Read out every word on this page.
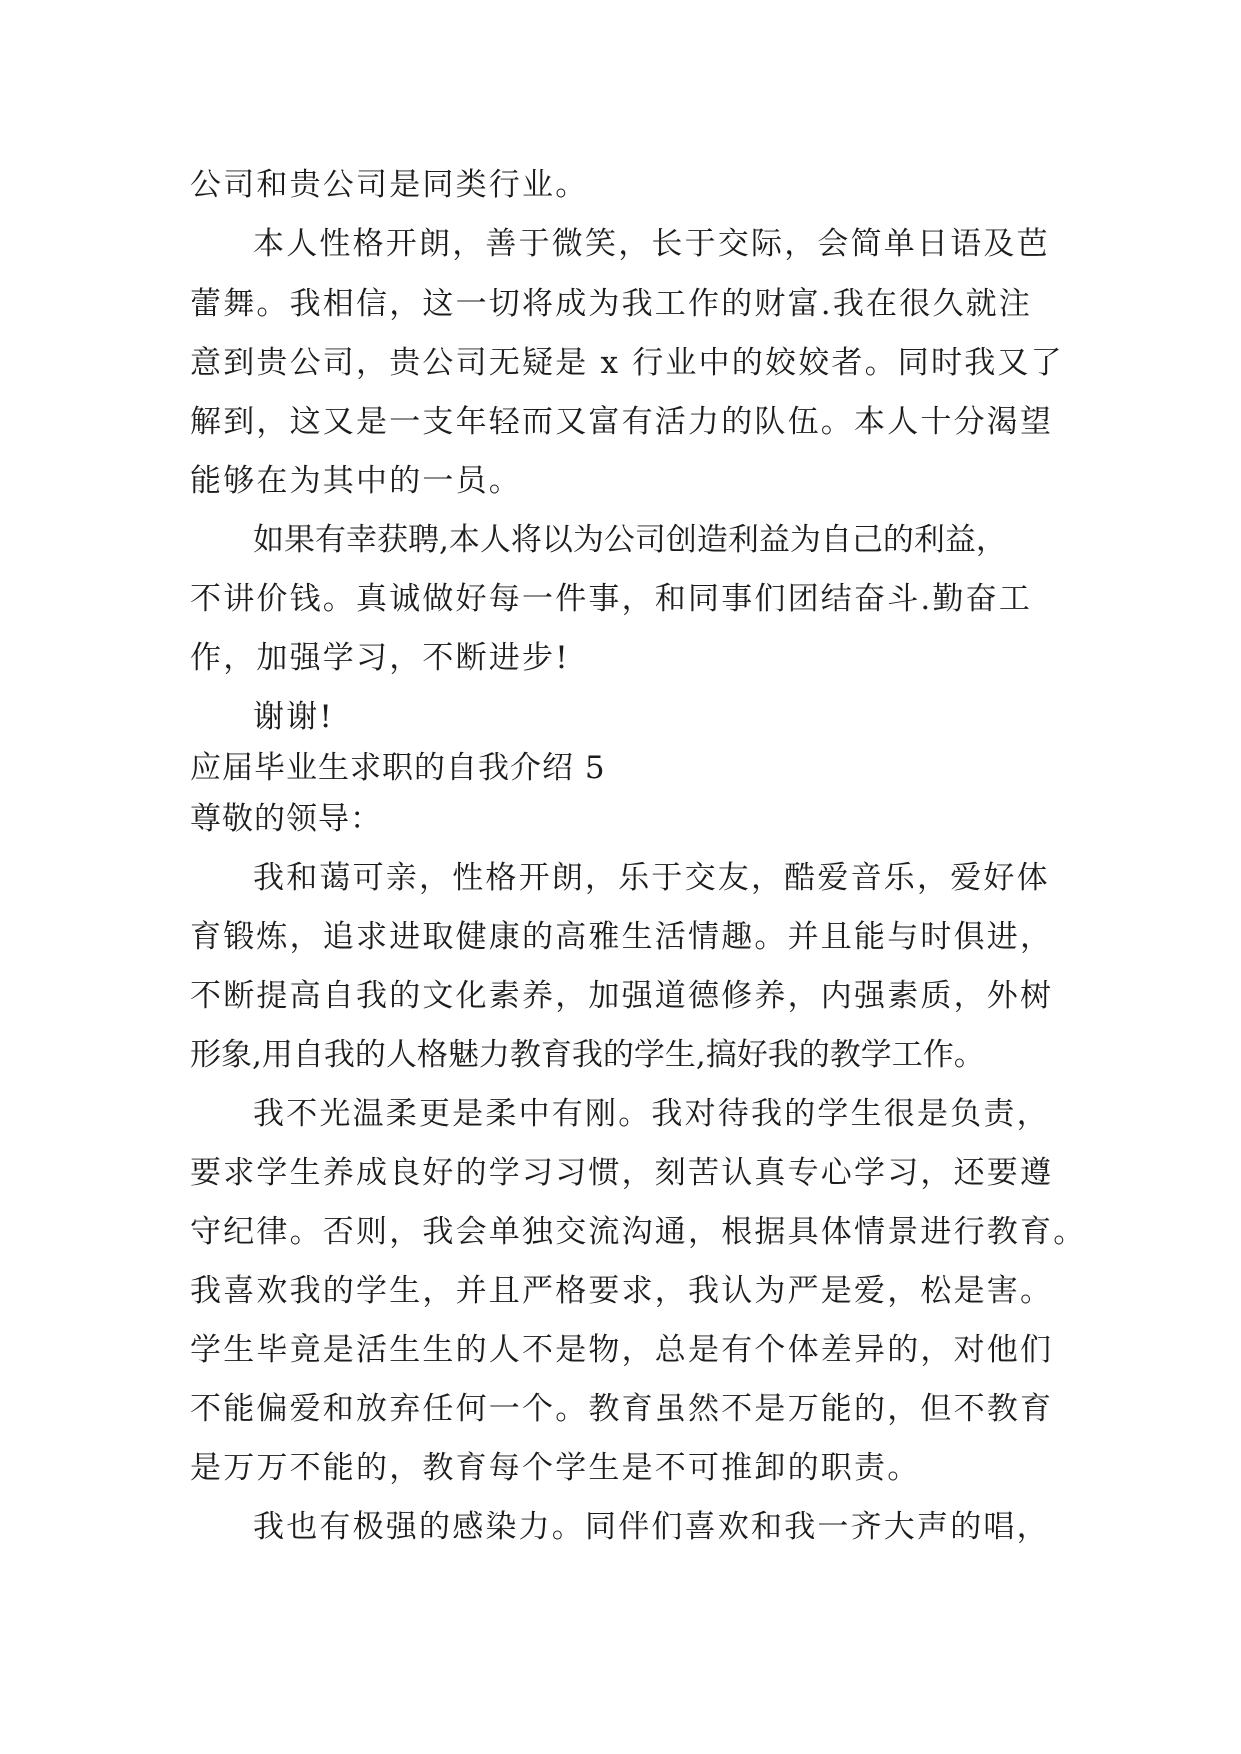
公司和贵公司是同类行业。
本人性格开朗，善于微笑，长于交际，会简单日语及芭
蕾舞。我相信，这一切将成为我工作的财富.我在很久就注
意到贵公司，贵公司无疑是 x 行业中的姣姣者。同时我又了
解到，这又是一支年轻而又富有活力的队伍。本人十分渴望
能够在为其中的一员。
如果有幸获聘,本人将以为公司创造利益为自己的利益，
不讲价钱。真诚做好每一件事，和同事们团结奋斗.勤奋工
作，加强学习，不断进步!
谢谢!
应届毕业生求职的自我介绍 5
尊敬的领导：
我和蔼可亲，性格开朗，乐于交友，酷爱音乐，爱好体
育锻炼，追求进取健康的高雅生活情趣。并且能与时俱进，
不断提高自我的文化素养，加强道德修养，内强素质，外树
形象,用自我的人格魅力教育我的学生,搞好我的教学工作。
我不光温柔更是柔中有刚。我对待我的学生很是负责，
要求学生养成良好的学习习惯，刻苦认真专心学习，还要遵
守纪律。否则，我会单独交流沟通，根据具体情景进行教育。
我喜欢我的学生，并且严格要求，我认为严是爱，松是害。
学生毕竟是活生生的人不是物，总是有个体差异的，对他们
不能偏爱和放弃任何一个。教育虽然不是万能的，但不教育
是万万不能的，教育每个学生是不可推卸的职责。
我也有极强的感染力。同伴们喜欢和我一齐大声的唱，
